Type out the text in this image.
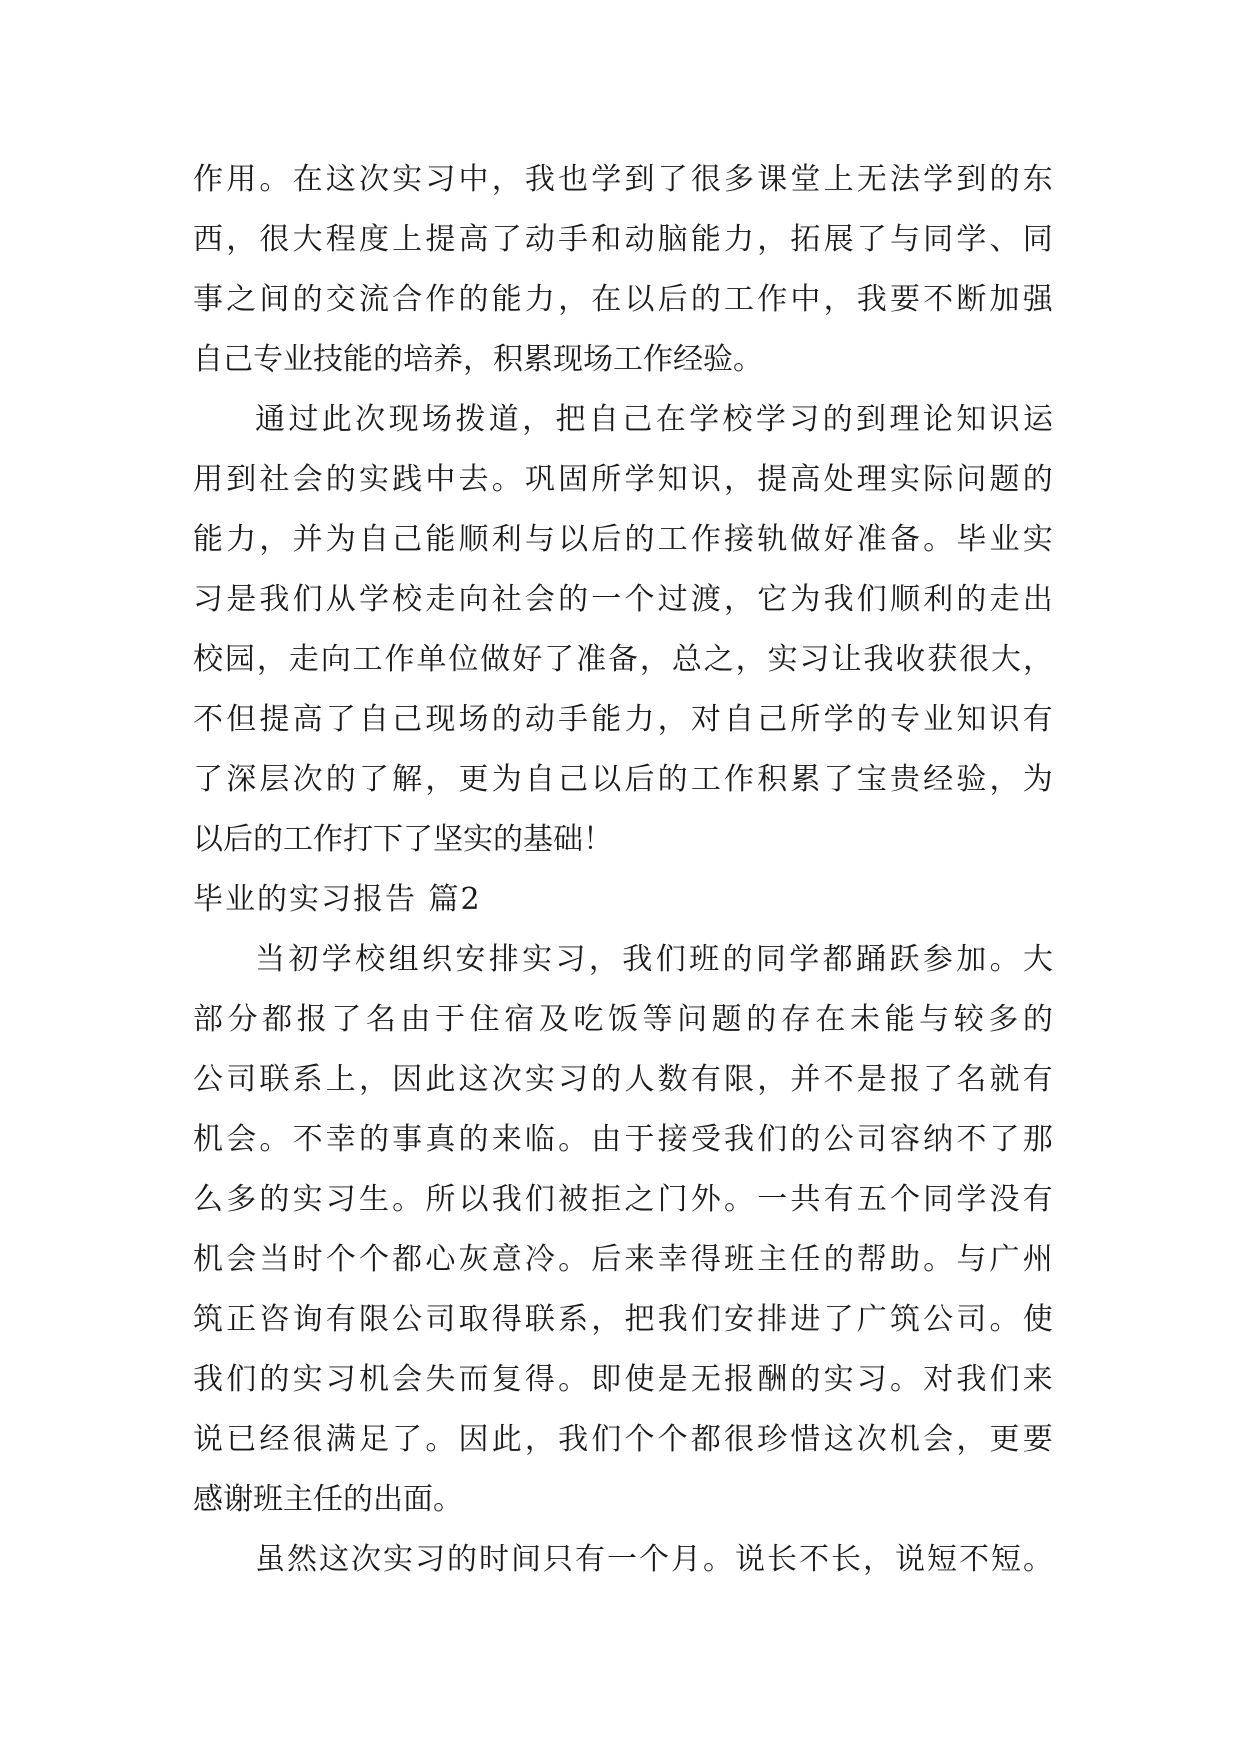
作 用 。 在 这 次 实 习 中 ， 我 也 学 到 了 很 多 课 堂 上 无 法 学 到 的 东
西 ， 很 大 程 度 上 提 高 了 动 手 和 动 脑 能 力 ， 拓 展 了 与 同 学 、 同
事 之 间 的 交 流 合 作 的 能 力 ， 在 以 后 的 工 作 中 ， 我 要 不 断 加 强
自己专业技能的培养，积累现场工作经验。
通 过 此 次 现 场 拨 道 ， 把 自 己 在 学 校 学 习 的 到 理 论 知 识 运
用 到 社 会 的 实 践 中 去 。 巩 固 所 学 知 识 ， 提 高 处 理 实 际 问 题 的
能 力 ， 并 为 自 己 能 顺 利 与 以 后 的 工 作 接 轨 做 好 准 备 。 毕 业 实
习 是 我 们 从 学 校 走 向 社 会 的 一 个 过 渡 ， 它 为 我 们 顺 利 的 走 出
校 园 ， 走 向 工 作 单 位 做 好 了 准 备 ， 总 之 ， 实 习 让 我 收 获 很 大 ，
不 但 提 高 了 自 己 现 场 的 动 手 能 力 ， 对 自 己 所 学 的 专 业 知 识 有
了 深 层 次 的 了 解 ， 更 为 自 己 以 后 的 工 作 积 累 了 宝 贵 经 验 ， 为
以后的工作打下了坚实的基础！
毕业的实习报告 篇2
当 初 学 校 组 织 安 排 实 习 ， 我 们 班 的 同 学 都 踊 跃 参 加 。 大
部 分 都 报 了 名 由 于 住 宿 及 吃 饭 等 问 题 的 存 在 未 能 与 较 多 的
公 司 联 系 上 ， 因 此 这 次 实 习 的 人 数 有 限 ， 并 不 是 报 了 名 就 有
机 会 。 不 幸 的 事 真 的 来 临 。 由 于 接 受 我 们 的 公 司 容 纳 不 了 那
么 多 的 实 习 生 。 所 以 我 们 被 拒 之 门 外 。 一 共 有 五 个 同 学 没 有
机 会 当 时 个 个 都 心 灰 意 冷 。 后 来 幸 得 班 主 任 的 帮 助 。 与 广 州
筑 正 咨 询 有 限 公 司 取 得 联 系 ， 把 我 们 安 排 进 了 广 筑 公 司 。 使
我 们 的 实 习 机 会 失 而 复 得 。 即 使 是 无 报 酬 的 实 习 。 对 我 们 来
说 已 经 很 满 足 了 。 因 此 ， 我 们 个 个 都 很 珍 惜 这 次 机 会 ， 更 要
感谢班主任的出面。
虽 然 这 次 实 习 的 时 间 只 有 一 个 月 。 说 长 不 长 ， 说 短 不 短 。
